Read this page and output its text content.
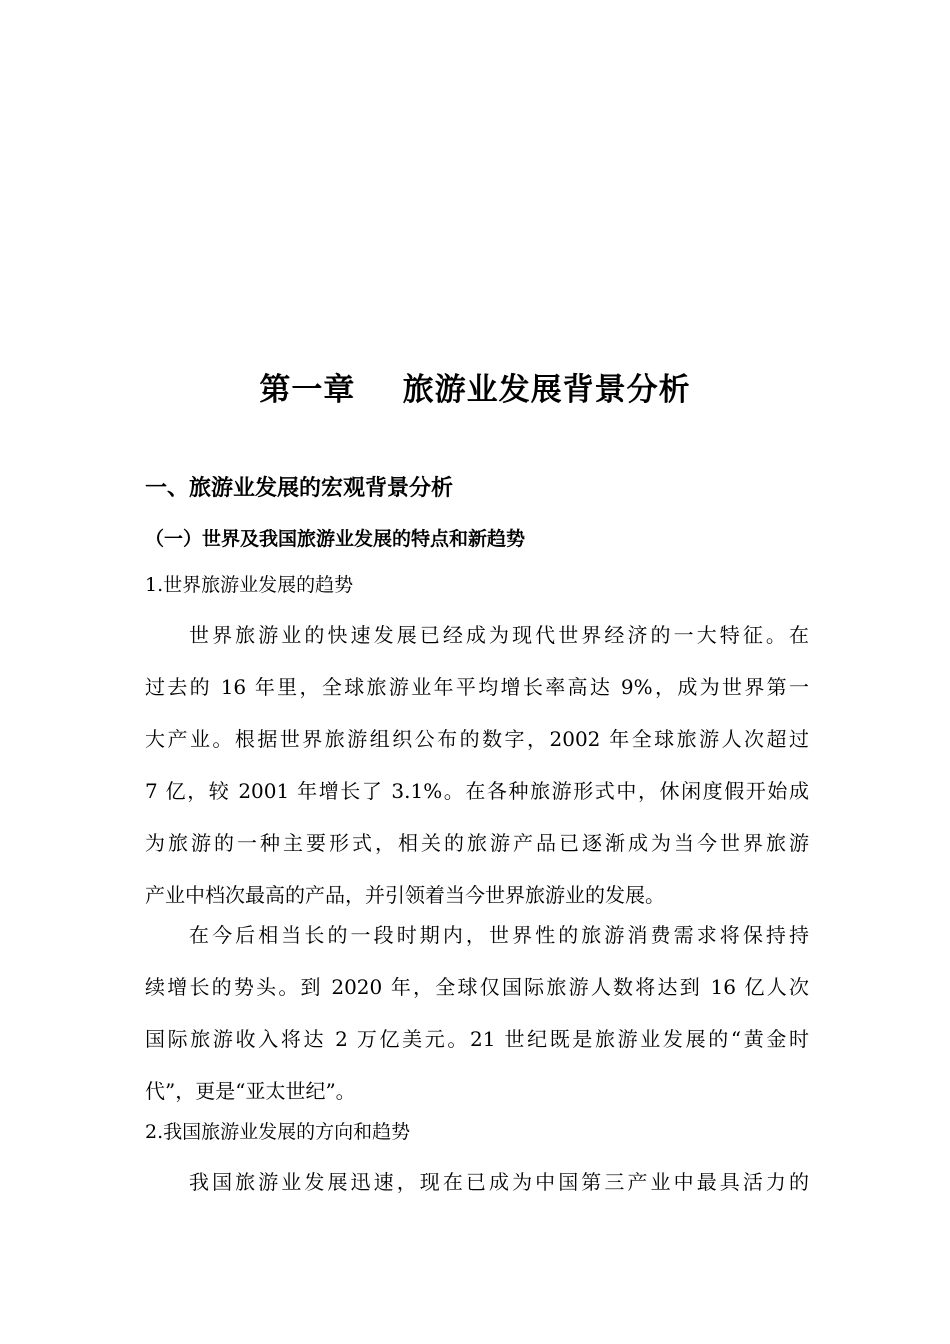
第一章    旅游业发展背景分析
一、旅游业发展的宏观背景分析
（一）世界及我国旅游业发展的特点和新趋势
1.世界旅游业发展的趋势
世界旅游业的快速发展已经成为现代世界经济的一大特征。在
过去的 16 年里，全球旅游业年平均增长率高达 9%，成为世界第一
大产业。根据世界旅游组织公布的数字，2002 年全球旅游人次超过
7 亿，较 2001 年增长了 3.1%。在各种旅游形式中，休闲度假开始成
为旅游的一种主要形式，相关的旅游产品已逐渐成为当今世界旅游
产业中档次最高的产品，并引领着当今世界旅游业的发展。
在今后相当长的一段时期内，世界性的旅游消费需求将保持持
续增长的势头。到 2020 年，全球仅国际旅游人数将达到 16 亿人次
国际旅游收入将达 2 万亿美元。21 世纪既是旅游业发展的“黄金时
代”，更是“亚太世纪”。
2.我国旅游业发展的方向和趋势
我国旅游业发展迅速，现在已成为中国第三产业中最具活力的
